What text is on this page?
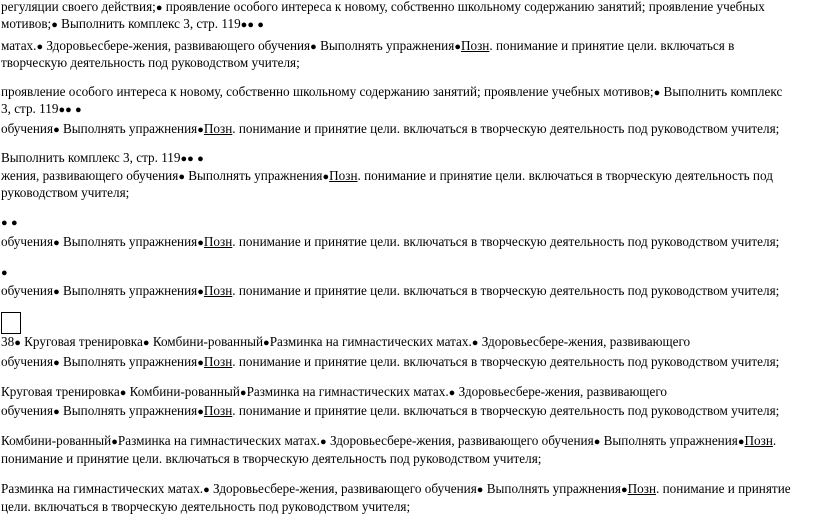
регуляции своего действия;● проявление особого интереса к новому, собственно школьному содержанию занятий; проявление учебных
мотивов;● Выполнить комплекс 3, стр. 119●● ●
матах.● Здоровьесбере-жения, развивающего обучения● Выполнять упражнения●Позн. понимание и принятие цели. включаться в
творческую деятельность под руководством учителя;
проявление особого интереса к новому, собственно школьному содержанию занятий; проявление учебных мотивов;● Выполнить комплекс
3, стр. 119●● ●
обучения● Выполнять упражнения●Позн. понимание и принятие цели. включаться в творческую деятельность под руководством учителя;
Выполнить комплекс 3, стр. 119●● ●
жения, развивающего обучения● Выполнять упражнения●Позн. понимание и принятие цели. включаться в творческую деятельность под
руководством учителя;
● ●
обучения● Выполнять упражнения●Позн. понимание и принятие цели. включаться в творческую деятельность под руководством учителя;
●
обучения● Выполнять упражнения●Позн. понимание и принятие цели. включаться в творческую деятельность под руководством учителя;
38● Круговая тренировка● Комбини-рованный●Разминка на гимнастических матах.● Здоровьесбере-жения, развивающего
обучения● Выполнять упражнения●Позн. понимание и принятие цели. включаться в творческую деятельность под руководством учителя;
Круговая тренировка● Комбини-рованный●Разминка на гимнастических матах.● Здоровьесбере-жения, развивающего
обучения● Выполнять упражнения●Позн. понимание и принятие цели. включаться в творческую деятельность под руководством учителя;
Комбини-рованный●Разминка на гимнастических матах.● Здоровьесбере-жения, развивающего обучения● Выполнять упражнения●Позн.
понимание и принятие цели. включаться в творческую деятельность под руководством учителя;
Разминка на гимнастических матах.● Здоровьесбере-жения, развивающего обучения● Выполнять упражнения●Позн. понимание и принятие
цели. включаться в творческую деятельность под руководством учителя;
